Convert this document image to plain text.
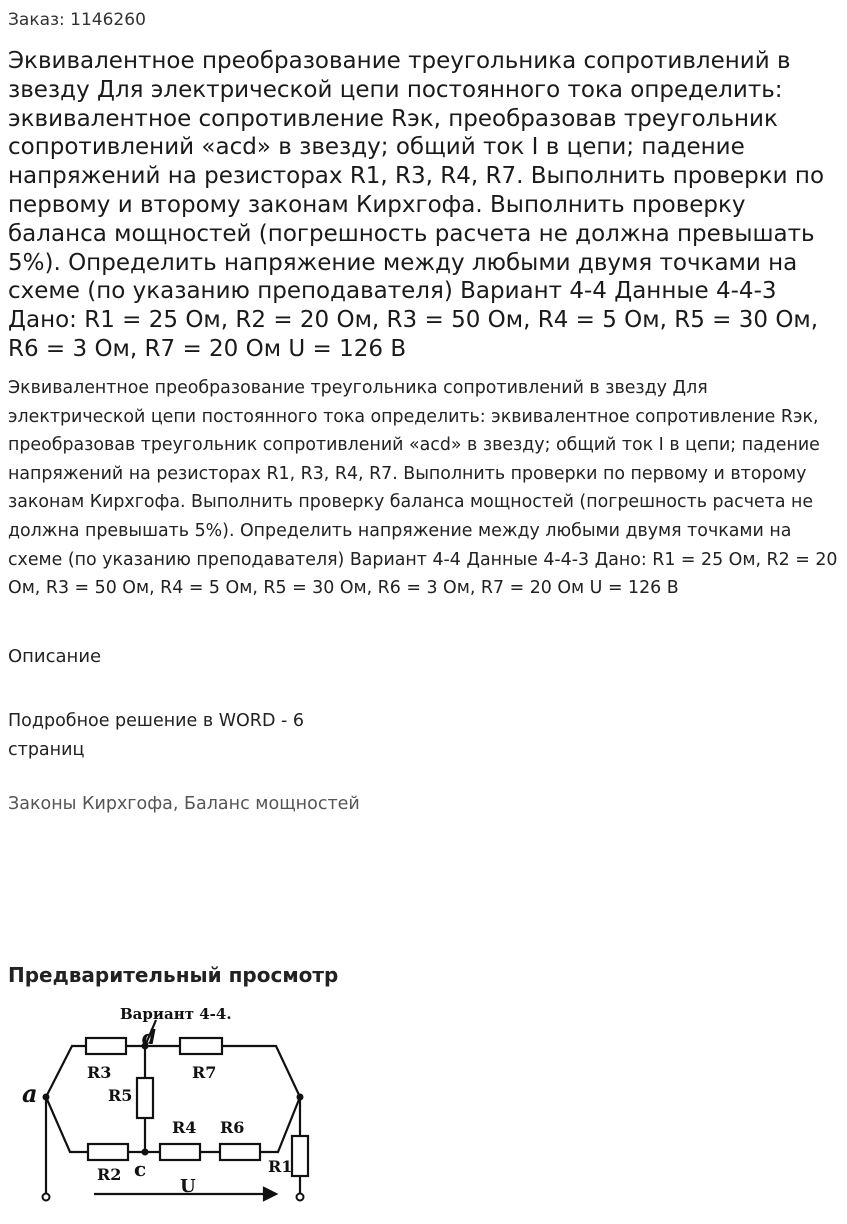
Заказ: 1146260
Эквивалентное преобразование треугольника сопротивлений в звезду Для электрической цепи постоянного тока определить: эквивалентное сопротивление Rэк, преобразовав треугольник сопротивлений «acd» в звезду; общий ток I в цепи; падение напряжений на резисторах R1, R3, R4, R7. Выполнить проверки по первому и второму законам Кирхгофа. Выполнить проверку баланса мощностей (погрешность расчета не должна превышать 5%). Определить напряжение между любыми двумя точками на схеме (по указанию преподавателя) Вариант 4-4 Данные 4-4-3 Дано: R1 = 25 Ом, R2 = 20 Ом, R3 = 50 Ом, R4 = 5 Ом, R5 = 30 Ом, R6 = 3 Ом, R7 = 20 Ом U = 126 В

Эквивалентное преобразование треугольника сопротивлений в звезду Для электрической цепи постоянного тока определить: эквивалентное сопротивление Rэк, преобразовав треугольник сопротивлений «acd» в звезду; общий ток I в цепи; падение напряжений на резисторах R1, R3, R4, R7. Выполнить проверки по первому и второму законам Кирхгофа. Выполнить проверку баланса мощностей (погрешность расчета не должна превышать 5%). Определить напряжение между любыми двумя точками на схеме (по указанию преподавателя) Вариант 4-4 Данные 4-4-3 Дано: R1 = 25 Ом, R2 = 20 Ом, R3 = 50 Ом, R4 = 5 Ом, R5 = 30 Ом, R6 = 3 Ом, R7 = 20 Ом U = 126 В

Описание
Подробное решение в WORD - 6 страниц
Законы Кирхгофа, Баланс мощностей
Предварительный просмотр
Вариант 4-4.
d
a
c
R3	R7
R5
R4 R6
R2	R1
U
